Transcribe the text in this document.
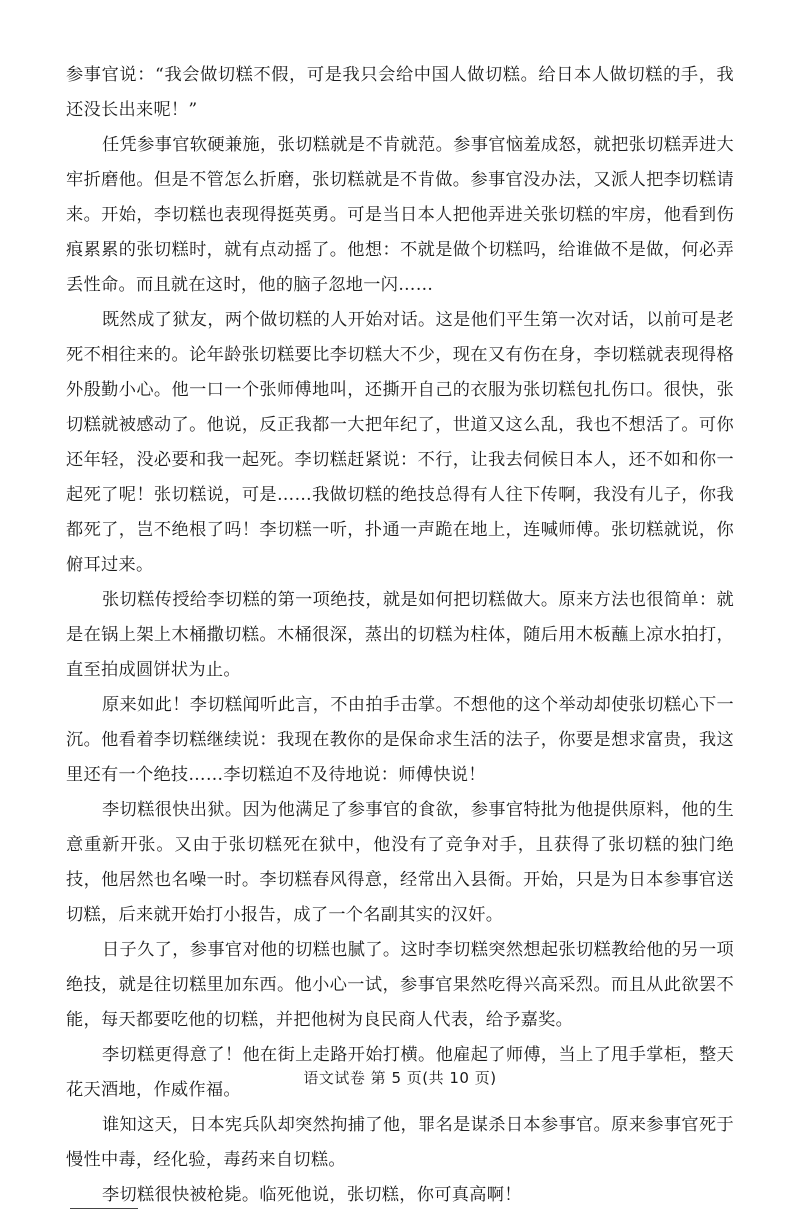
参事官说：“我会做切糕不假，可是我只会给中国人做切糕。给日本人做切糕的手，我还没长出来呢！”

任凭参事官软硬兼施，张切糕就是不肯就范。参事官恼羞成怒，就把张切糕弄进大牢折磨他。但是不管怎么折磨，张切糕就是不肯做。参事官没办法，又派人把李切糕请来。开始，李切糕也表现得挺英勇。可是当日本人把他弄进关张切糕的牢房，他看到伤痕累累的张切糕时，就有点动摇了。他想：不就是做个切糕吗，给谁做不是做，何必弄丢性命。而且就在这时，他的脑子忽地一闪……

既然成了狱友，两个做切糕的人开始对话。这是他们平生第一次对话，以前可是老死不相往来的。论年龄张切糕要比李切糕大不少，现在又有伤在身，李切糕就表现得格外殷勤小心。他一口一个张师傅地叫，还撕开自己的衣服为张切糕包扎伤口。很快，张切糕就被感动了。他说，反正我都一大把年纪了，世道又这么乱，我也不想活了。可你还年轻，没必要和我一起死。李切糕赶紧说：不行，让我去伺候日本人，还不如和你一起死了呢！张切糕说，可是……我做切糕的绝技总得有人往下传啊，我没有儿子，你我都死了，岂不绝根了吗！李切糕一听，扑通一声跪在地上，连喊师傅。张切糕就说，你俯耳过来。

张切糕传授给李切糕的第一项绝技，就是如何把切糕做大。原来方法也很简单：就是在锅上架上木桶撒切糕。木桶很深，蒸出的切糕为柱体，随后用木板蘸上凉水拍打，直至拍成圆饼状为止。

原来如此！李切糕闻听此言，不由拍手击掌。不想他的这个举动却使张切糕心下一沉。他看着李切糕继续说：我现在教你的是保命求生活的法子，你要是想求富贵，我这里还有一个绝技……李切糕迫不及待地说：师傅快说！

李切糕很快出狱。因为他满足了参事官的食欲，参事官特批为他提供原料，他的生意重新开张。又由于张切糕死在狱中，他没有了竞争对手，且获得了张切糕的独门绝技，他居然也名噪一时。李切糕春风得意，经常出入县衙。开始，只是为日本参事官送切糕，后来就开始打小报告，成了一个名副其实的汉奸。

日子久了，参事官对他的切糕也腻了。这时李切糕突然想起张切糕教给他的另一项绝技，就是往切糕里加东西。他小心一试，参事官果然吃得兴高采烈。而且从此欲罢不能，每天都要吃他的切糕，并把他树为良民商人代表，给予嘉奖。

李切糕更得意了！他在街上走路开始打横。他雇起了师傅，当上了甩手掌柜，整天花天酒地，作威作福。

谁知这天，日本宪兵队却突然拘捕了他，罪名是谋杀日本参事官。原来参事官死于慢性中毒，经化验，毒药来自切糕。

李切糕很快被枪毙。临死他说，张切糕，你可真高啊！
语文试卷 第 5 页(共 10 页)
